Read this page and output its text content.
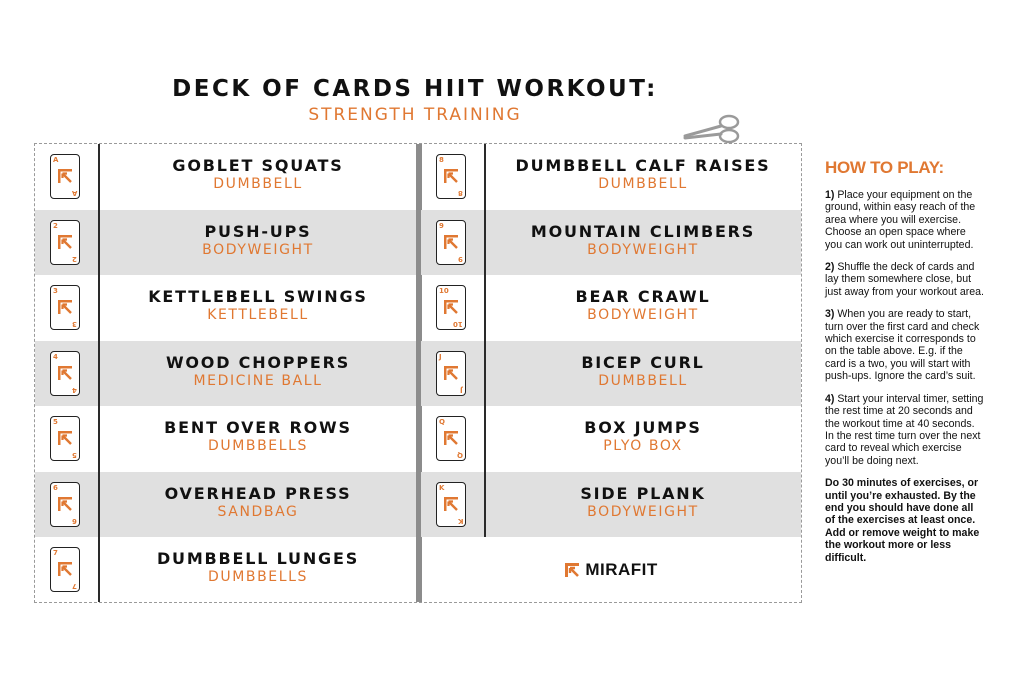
DECK OF CARDS HIIT WORKOUT:
STRENGTH TRAINING
A
A
GOBLET SQUATS
DUMBBELL
2
2
PUSH-UPS
BODYWEIGHT
3
3
KETTLEBELL SWINGS
KETTLEBELL
4
4
WOOD CHOPPERS
MEDICINE BALL
5
5
BENT OVER ROWS
DUMBBELLS
6
6
OVERHEAD PRESS
SANDBAG
7
7
DUMBBELL LUNGES
DUMBBELLS
8
8
DUMBBELL CALF RAISES
DUMBBELL
9
9
MOUNTAIN CLIMBERS
BODYWEIGHT
10
10
BEAR CRAWL
BODYWEIGHT
J
J
BICEP CURL
DUMBBELL
Q
Q
BOX JUMPS
PLYO BOX
K
K
SIDE PLANK
BODYWEIGHT
MIRAFIT
HOW TO PLAY:
1) Place your equipment on the ground, within easy reach of the area where you will exercise. Choose an open space where you can work out uninterrupted.
2) Shuffle the deck of cards and lay them somewhere close, but just away from your workout area.
3) When you are ready to start, turn over the first card and check which exercise it corresponds to on the table above. E.g. if the card is a two, you will start with push-ups. Ignore the card’s suit.
4) Start your interval timer, setting the rest time at 20 seconds and the workout time at 40 seconds. In the rest time turn over the next card to reveal which exercise you’ll be doing next.
Do 30 minutes of exercises, or until you’re exhausted. By the end you should have done all of the exercises at least once. Add or remove weight to make the workout more or less difficult.
